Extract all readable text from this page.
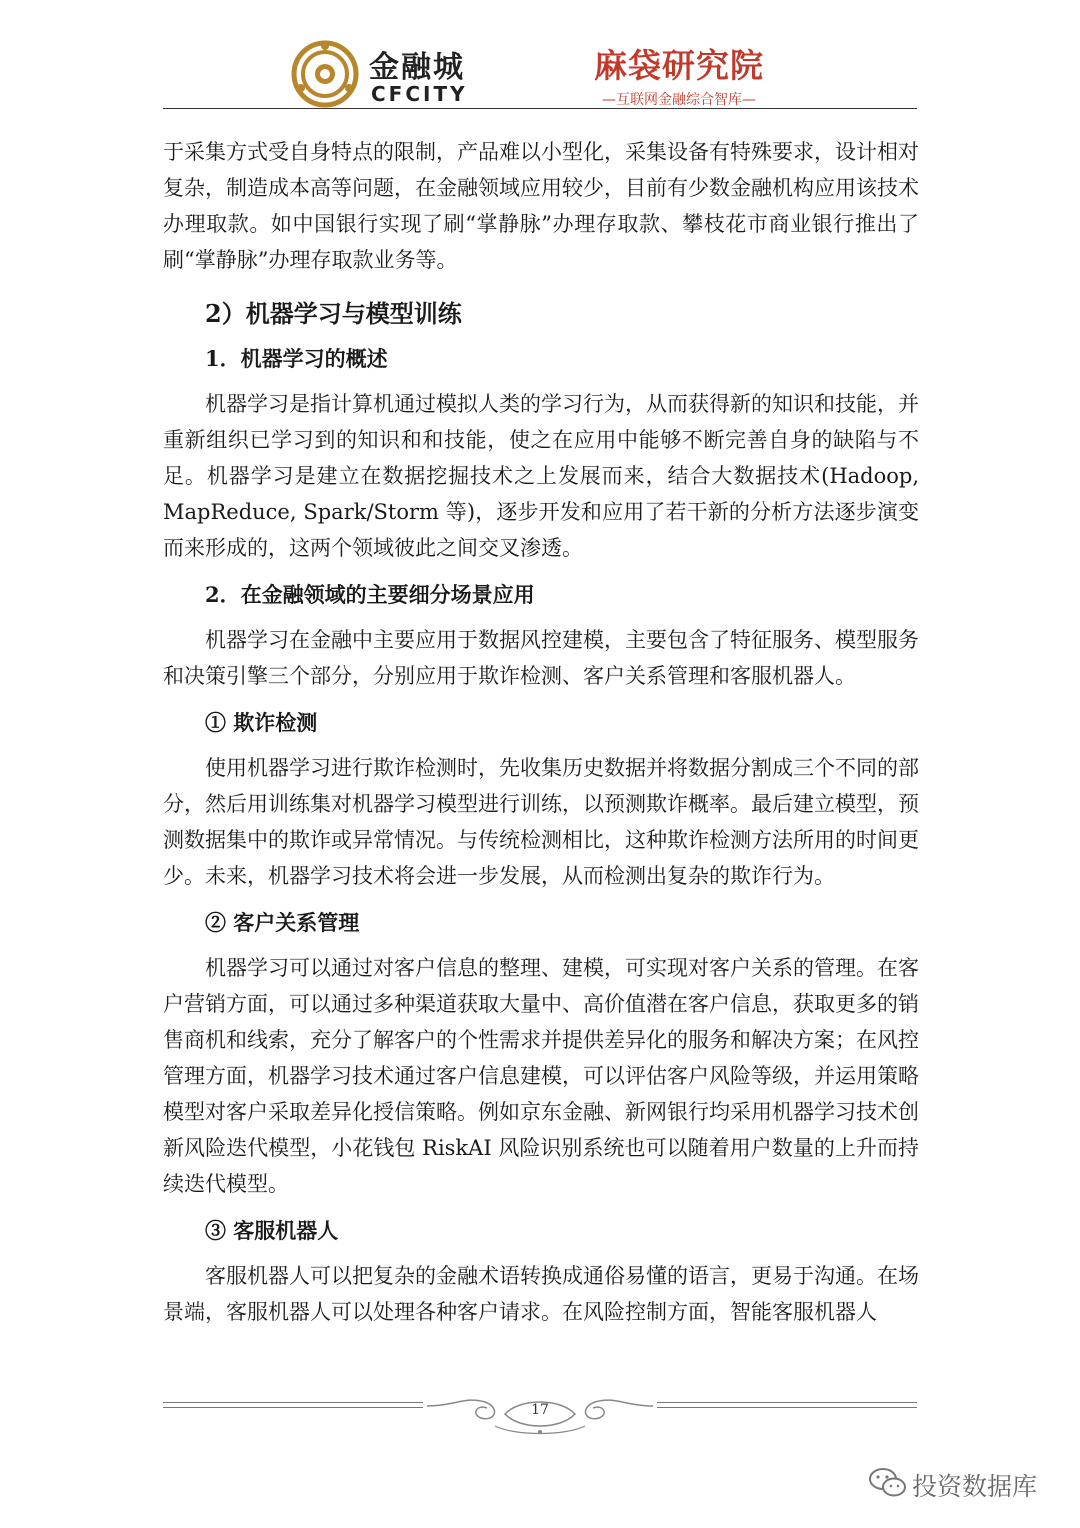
金融城
CFCITY
麻袋研究院
—互联网金融综合智库—

于采集方式受自身特点的限制，产品难以小型化，采集设备有特殊要求，设计相对复杂，制造成本高等问题，在金融领域应用较少，目前有少数金融机构应用该技术办理取款。如中国银行实现了刷“掌静脉”办理存取款、攀枝花市商业银行推出了刷“掌静脉”办理存取款业务等。

2）机器学习与模型训练
1．机器学习的概述

机器学习是指计算机通过模拟人类的学习行为，从而获得新的知识和技能，并重新组织已学习到的知识和和技能，使之在应用中能够不断完善自身的缺陷与不足。机器学习是建立在数据挖掘技术之上发展而来，结合大数据技术(Hadoop, MapReduce, Spark/Storm 等)，逐步开发和应用了若干新的分析方法逐步演变而来形成的，这两个领域彼此之间交叉渗透。

2．在金融领域的主要细分场景应用

机器学习在金融中主要应用于数据风控建模，主要包含了特征服务、模型服务和决策引擎三个部分，分别应用于欺诈检测、客户关系管理和客服机器人。

① 欺诈检测

使用机器学习进行欺诈检测时，先收集历史数据并将数据分割成三个不同的部分，然后用训练集对机器学习模型进行训练，以预测欺诈概率。最后建立模型，预测数据集中的欺诈或异常情况。与传统检测相比，这种欺诈检测方法所用的时间更少。未来，机器学习技术将会进一步发展，从而检测出复杂的欺诈行为。

② 客户关系管理

机器学习可以通过对客户信息的整理、建模，可实现对客户关系的管理。在客户营销方面，可以通过多种渠道获取大量中、高价值潜在客户信息，获取更多的销售商机和线索，充分了解客户的个性需求并提供差异化的服务和解决方案；在风控管理方面，机器学习技术通过客户信息建模，可以评估客户风险等级，并运用策略模型对客户采取差异化授信策略。例如京东金融、新网银行均采用机器学习技术创新风险迭代模型，小花钱包 RiskAI 风险识别系统也可以随着用户数量的上升而持续迭代模型。

③ 客服机器人

客服机器人可以把复杂的金融术语转换成通俗易懂的语言，更易于沟通。在场景端，客服机器人可以处理各种客户请求。在风险控制方面，智能客服机器人

17
投资数据库
